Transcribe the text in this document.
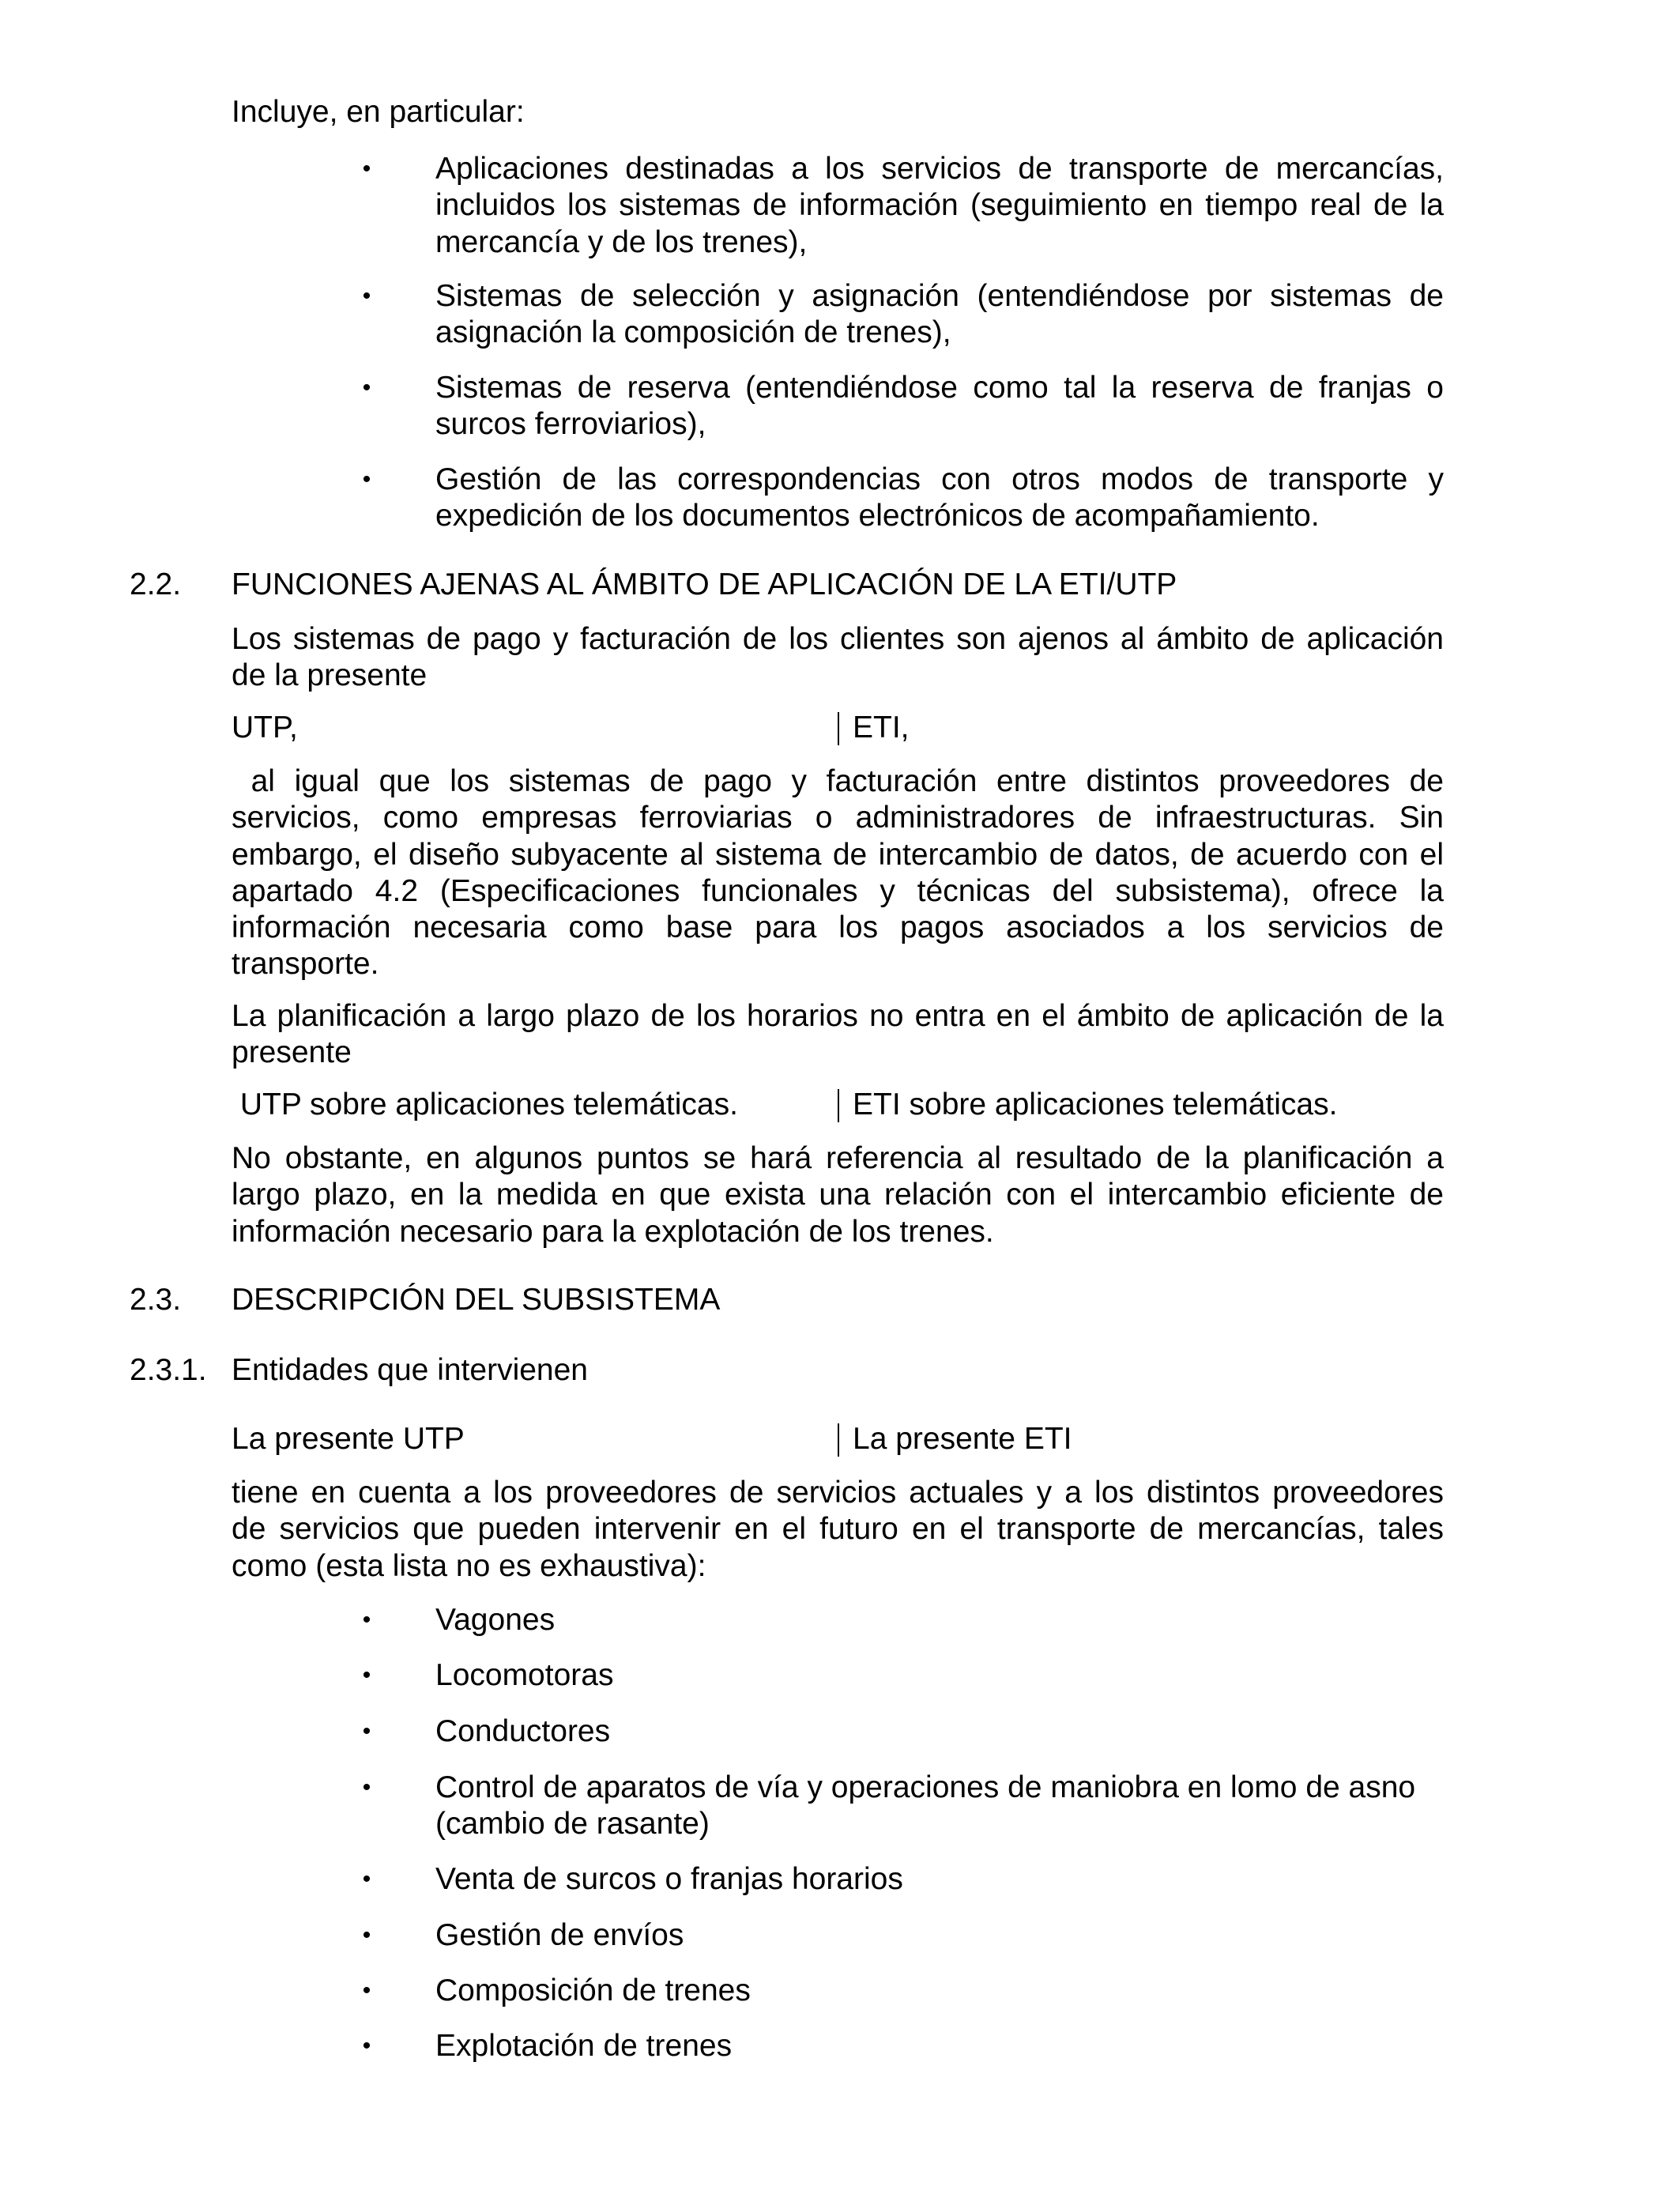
Incluye, en particular:
• Aplicaciones destinadas a los servicios de transporte de mercancías,
incluidos los sistemas de información (seguimiento en tiempo real de la
mercancía y de los trenes),
• Sistemas de selección y asignación (entendiéndose por sistemas de
asignación la composición de trenes),
• Sistemas de reserva (entendiéndose como tal la reserva de franjas o
surcos ferroviarios),
• Gestión de las correspondencias con otros modos de transporte y
expedición de los documentos electrónicos de acompañamiento.
2.2. FUNCIONES AJENAS AL ÁMBITO DE APLICACIÓN DE LA ETI/UTP
Los sistemas de pago y facturación de los clientes son ajenos al ámbito de aplicación
de la presente
UTP,	ETI,
al igual que los sistemas de pago y facturación entre distintos proveedores de
servicios, como empresas ferroviarias o administradores de infraestructuras. Sin
embargo, el diseño subyacente al sistema de intercambio de datos, de acuerdo con el
apartado 4.2 (Especificaciones funcionales y técnicas del subsistema), ofrece la
información necesaria como base para los pagos asociados a los servicios de
transporte.
La planificación a largo plazo de los horarios no entra en el ámbito de aplicación de la
presente
UTP sobre aplicaciones telemáticas.	ETI sobre aplicaciones telemáticas.
No obstante, en algunos puntos se hará referencia al resultado de la planificación a
largo plazo, en la medida en que exista una relación con el intercambio eficiente de
información necesario para la explotación de los trenes.
2.3. DESCRIPCIÓN DEL SUBSISTEMA
2.3.1. Entidades que intervienen
La presente UTP	La presente ETI
tiene en cuenta a los proveedores de servicios actuales y a los distintos proveedores
de servicios que pueden intervenir en el futuro en el transporte de mercancías, tales
como (esta lista no es exhaustiva):
• Vagones
• Locomotoras
• Conductores
• Control de aparatos de vía y operaciones de maniobra en lomo de asno
(cambio de rasante)
• Venta de surcos o franjas horarios
• Gestión de envíos
• Composición de trenes
• Explotación de trenes
